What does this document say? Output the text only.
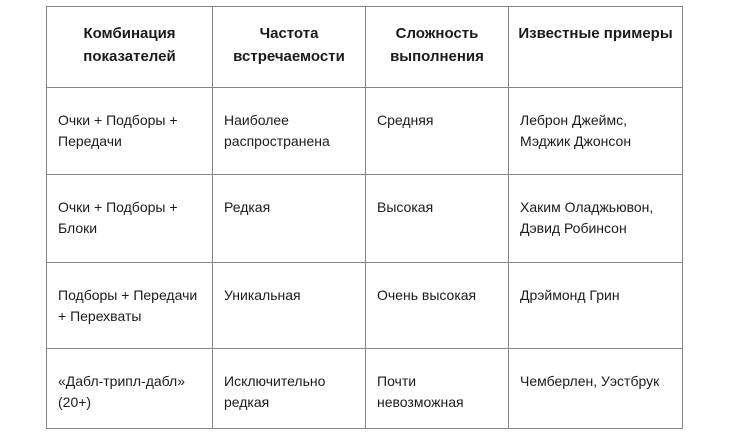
Комбинация показателей	Частота встречаемости	Сложность выполнения	Известные примеры
Очки + Подборы + Передачи	Наиболее распространена	Средняя	Леброн Джеймс, Мэджик Джонсон
Очки + Подборы + Блоки	Редкая	Высокая	Хаким Оладжьювон, Дэвид Робинсон
Подборы + Передачи + Перехваты	Уникальная	Очень высокая	Дрэймонд Грин
«Дабл-трипл-дабл» (20+)	Исключительно редкая	Почти невозможная	Чемберлен, Уэстбрук
